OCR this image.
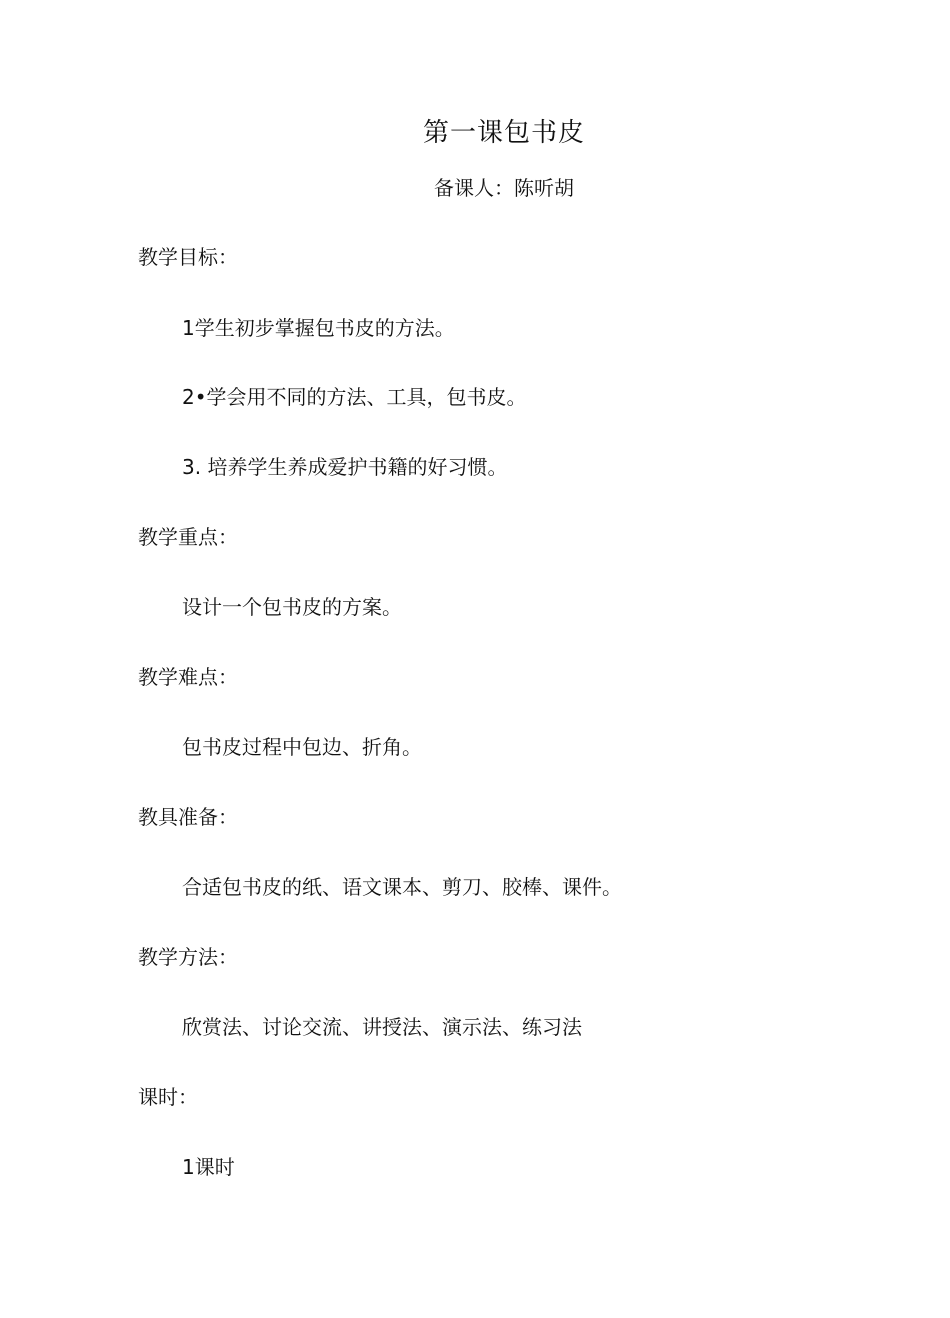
第一课包书皮
备课人：陈听胡
教学目标：
1学生初步掌握包书皮的方法。
2•学会用不同的方法、工具，包书皮。
3. 培养学生养成爱护书籍的好习惯。
教学重点：
设计一个包书皮的方案。
教学难点：
包书皮过程中包边、折角。
教具准备：
合适包书皮的纸、语文课本、剪刀、胶棒、课件。
教学方法：
欣赏法、讨论交流、讲授法、演示法、练习法
课时：
1课时
